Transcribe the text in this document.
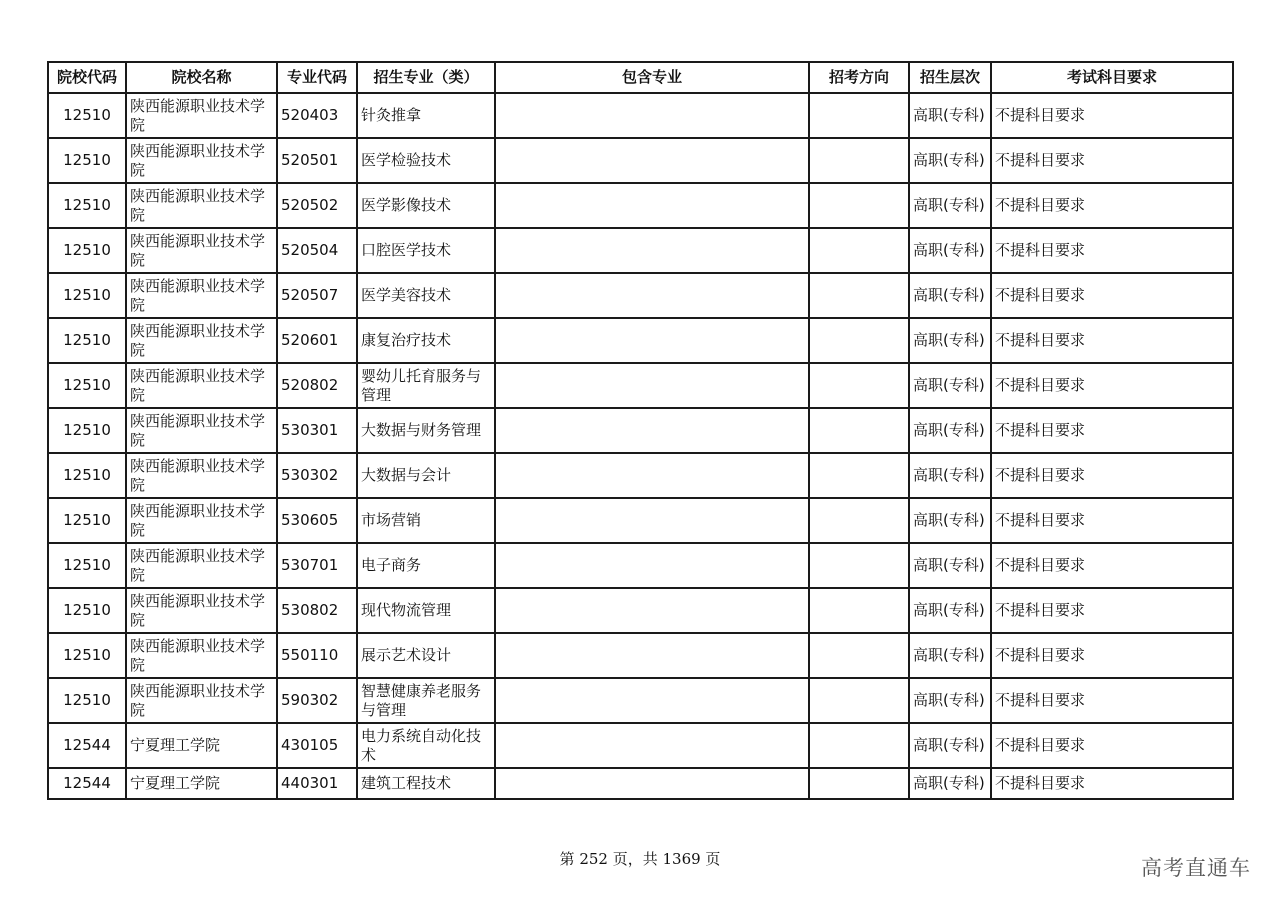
院校代码	院校名称	专业代码	招生专业（类）	包含专业	招考方向	招生层次	考试科目要求
12510	陕西能源职业技术学院	520403	针灸推拿			高职(专科)	不提科目要求
12510	陕西能源职业技术学院	520501	医学检验技术			高职(专科)	不提科目要求
12510	陕西能源职业技术学院	520502	医学影像技术			高职(专科)	不提科目要求
12510	陕西能源职业技术学院	520504	口腔医学技术			高职(专科)	不提科目要求
12510	陕西能源职业技术学院	520507	医学美容技术			高职(专科)	不提科目要求
12510	陕西能源职业技术学院	520601	康复治疗技术			高职(专科)	不提科目要求
12510	陕西能源职业技术学院	520802	婴幼儿托育服务与管理			高职(专科)	不提科目要求
12510	陕西能源职业技术学院	530301	大数据与财务管理			高职(专科)	不提科目要求
12510	陕西能源职业技术学院	530302	大数据与会计			高职(专科)	不提科目要求
12510	陕西能源职业技术学院	530605	市场营销			高职(专科)	不提科目要求
12510	陕西能源职业技术学院	530701	电子商务			高职(专科)	不提科目要求
12510	陕西能源职业技术学院	530802	现代物流管理			高职(专科)	不提科目要求
12510	陕西能源职业技术学院	550110	展示艺术设计			高职(专科)	不提科目要求
12510	陕西能源职业技术学院	590302	智慧健康养老服务与管理			高职(专科)	不提科目要求
12544	宁夏理工学院	430105	电力系统自动化技术			高职(专科)	不提科目要求
12544	宁夏理工学院	440301	建筑工程技术			高职(专科)	不提科目要求
第 252 页，共 1369 页	高考直通车
